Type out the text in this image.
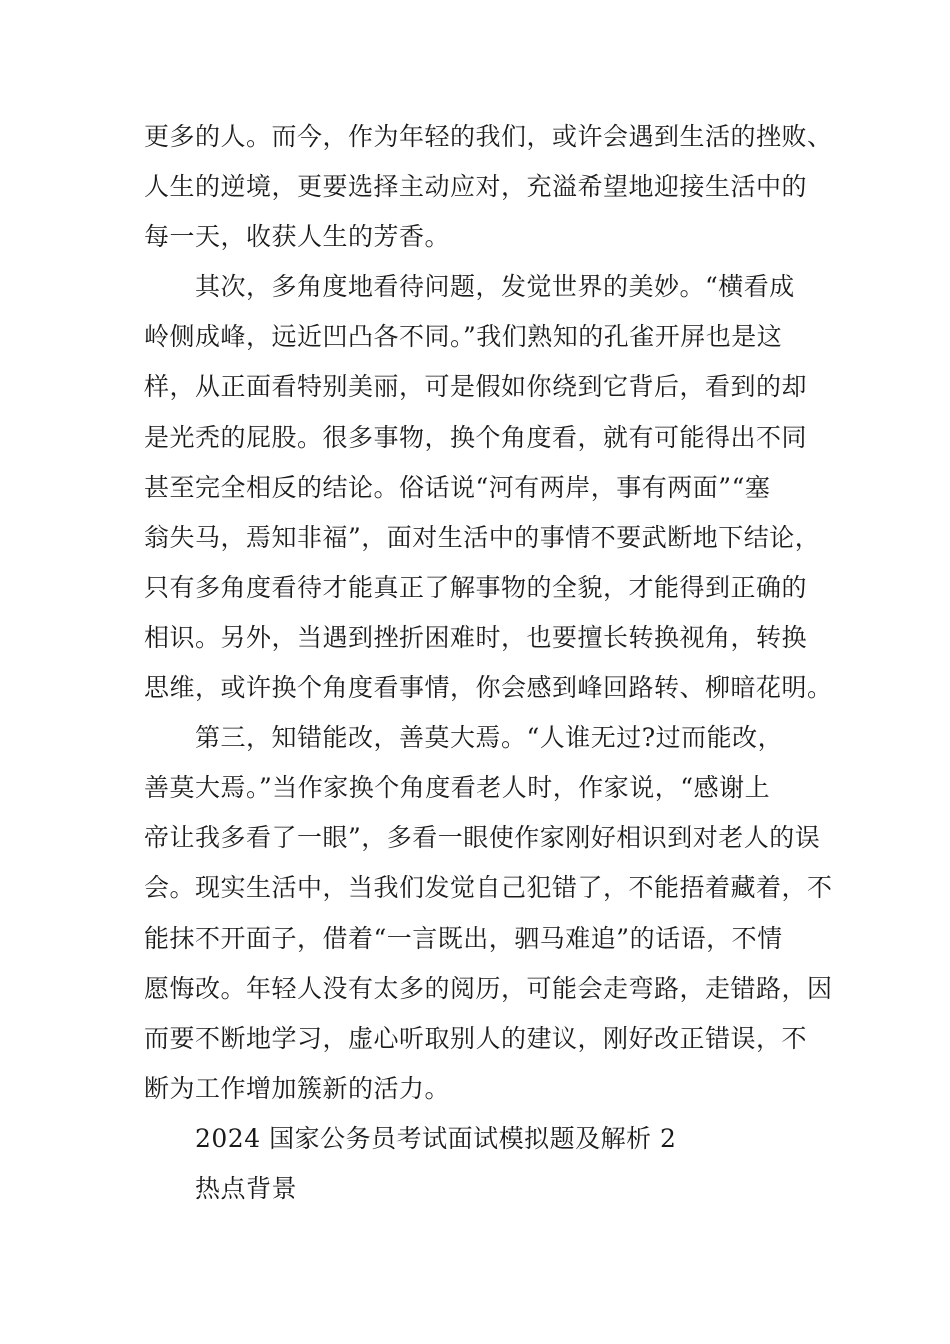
更多的人。而今，作为年轻的我们，或许会遇到生活的挫败、
人生的逆境，更要选择主动应对，充溢希望地迎接生活中的
每一天，收获人生的芳香。
其次，多角度地看待问题，发觉世界的美妙。“横看成
岭侧成峰，远近凹凸各不同。”我们熟知的孔雀开屏也是这
样，从正面看特别美丽，可是假如你绕到它背后，看到的却
是光秃的屁股。很多事物，换个角度看，就有可能得出不同
甚至完全相反的结论。俗话说“河有两岸，事有两面”“塞
翁失马，焉知非福”，面对生活中的事情不要武断地下结论，
只有多角度看待才能真正了解事物的全貌，才能得到正确的
相识。另外，当遇到挫折困难时，也要擅长转换视角，转换
思维，或许换个角度看事情，你会感到峰回路转、柳暗花明。
第三，知错能改，善莫大焉。“人谁无过?过而能改，
善莫大焉。”当作家换个角度看老人时，作家说，“感谢上
帝让我多看了一眼”，多看一眼使作家刚好相识到对老人的误
会。现实生活中，当我们发觉自己犯错了，不能捂着藏着，不
能抹不开面子，借着“一言既出，驷马难追”的话语，不情
愿悔改。年轻人没有太多的阅历，可能会走弯路，走错路，因
而要不断地学习，虚心听取别人的建议，刚好改正错误，不
断为工作增加簇新的活力。
2024 国家公务员考试面试模拟题及解析 2
热点背景
